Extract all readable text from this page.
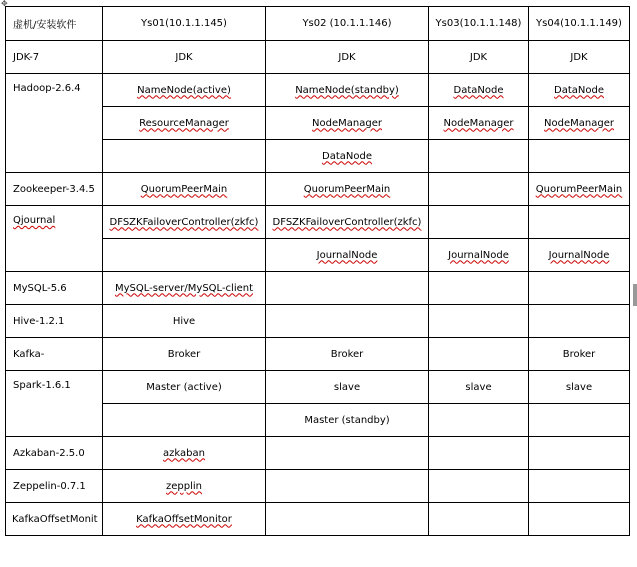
✥
虚机/安装软件	Ys01(10.1.1.145)	Ys02 (10.1.1.146)	Ys03(10.1.1.148)	Ys04(10.1.1.149)
JDK-7	JDK	JDK	JDK	JDK
Hadoop-2.6.4	NameNode(active)	NameNode(standby)	DataNode	DataNode
	ResourceManager	NodeManager	NodeManager	NodeManager
		DataNode		
Zookeeper-3.4.5	QuorumPeerMain	QuorumPeerMain		QuorumPeerMain
Qjournal	DFSZKFailoverController(zkfc)	DFSZKFailoverController(zkfc)		
		JournalNode	JournalNode	JournalNode
MySQL-5.6	MySQL-server/MySQL-client			
Hive-1.2.1	Hive			
Kafka-	Broker	Broker		Broker
Spark-1.6.1	Master (active)	slave	slave	slave
		Master (standby)		
Azkaban-2.5.0	azkaban			
Zeppelin-0.7.1	zepplin			
KafkaOffsetMonit	KafkaOffsetMonitor			
